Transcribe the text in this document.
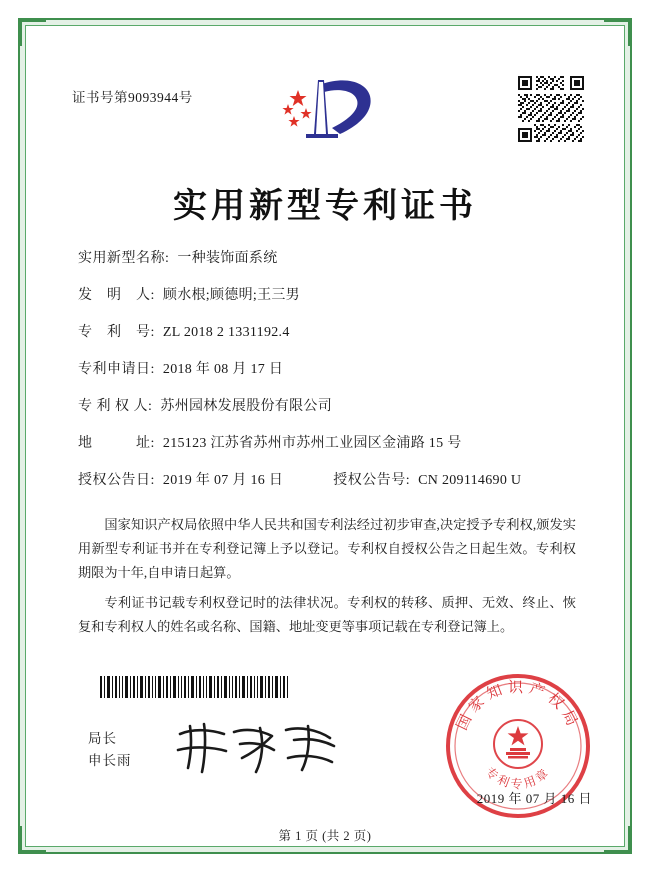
证书号第9093944号
实用新型专利证书
实用新型名称: 一种装饰面系统
发　明　人: 顾水根;顾德明;王三男
专　利　号: ZL 2018 2 1331192.4
专利申请日: 2018 年 08 月 17 日
专 利 权 人: 苏州园林发展股份有限公司
地　　　址: 215123 江苏省苏州市苏州工业园区金浦路 15 号
授权公告日: 2019 年 07 月 16 日	授权公告号: CN 209114690 U

国家知识产权局依照中华人民共和国专利法经过初步审查,决定授予专利权,颁发实用新型专利证书并在专利登记簿上予以登记。专利权自授权公告之日起生效。专利权期限为十年,自申请日起算。

专利证书记载专利权登记时的法律状况。专利权的转移、质押、无效、终止、恢复和专利权人的姓名或名称、国籍、地址变更等事项记载在专利登记簿上。

国家知识产权局
专利专用章
局长
申长雨
2019 年 07 月 16 日
第 1 页 (共 2 页)
